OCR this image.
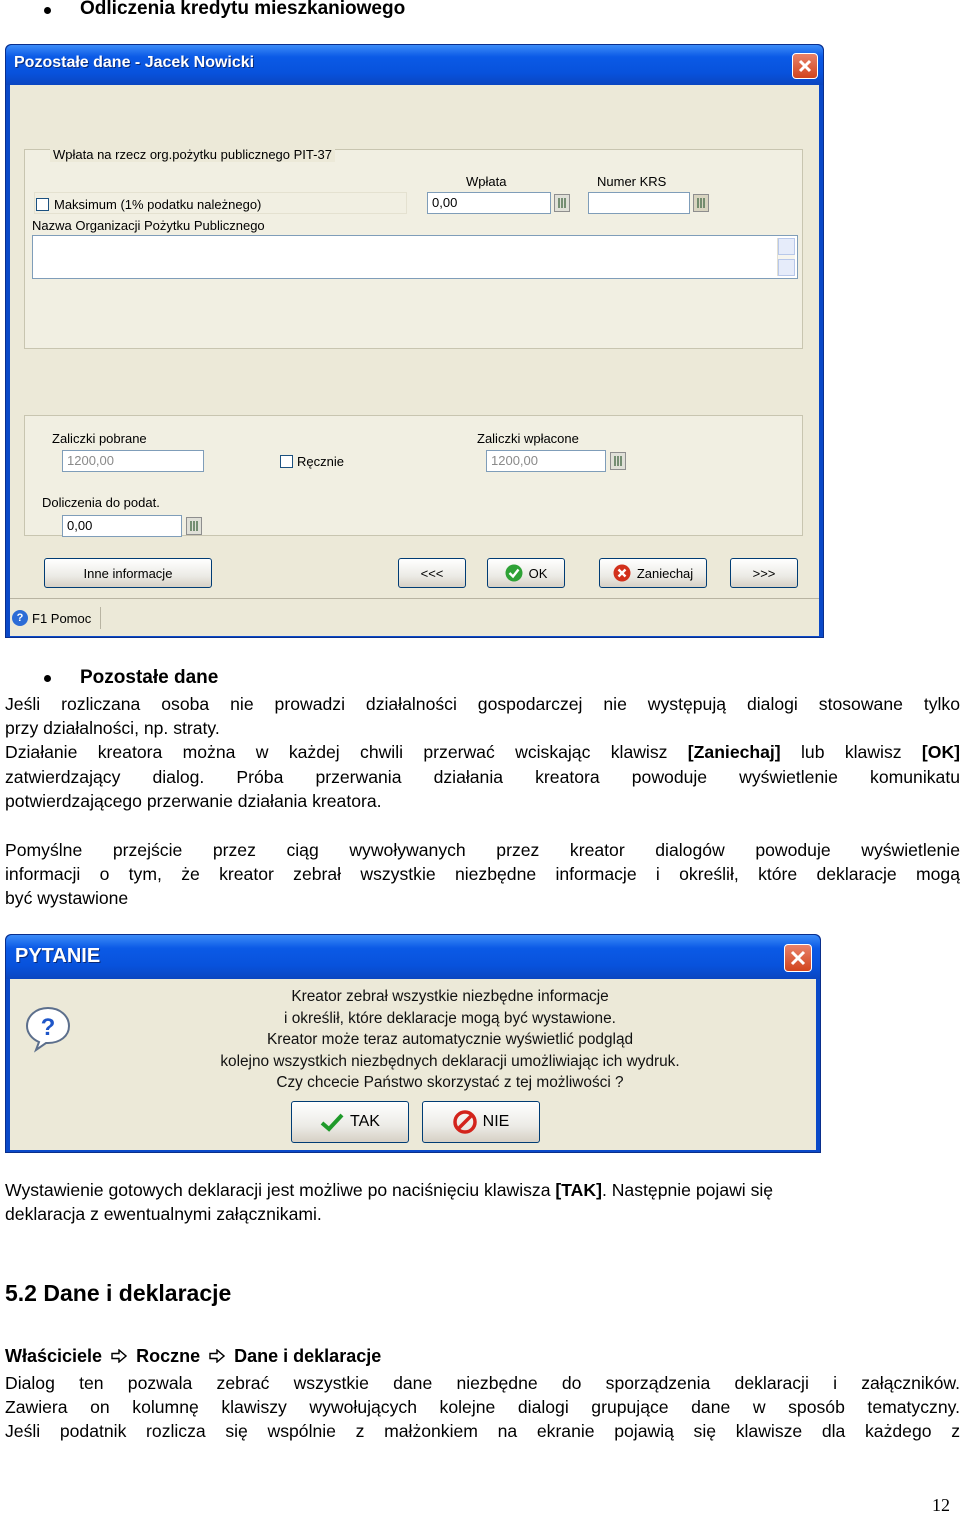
Odliczenia kredytu mieszkaniowego
Pozostałe dane - Jacek Nowicki
Wpłata na rzecz org.pożytku publicznego PIT-37
Maksimum (1% podatku należnego)
Wpłata
0,00
Numer KRS
Nazwa Organizacji Pożytku Publicznego
Zaliczki pobrane
1200,00	Ręcznie
Zaliczki wpłacone
1200,00
Doliczenia do podat.
0,00
Inne informacje	<<<	OK	Zaniechaj	>>>
? F1 Pomoc
Pozostałe dane

Jeśli rozliczana osoba nie prowadzi działalności gospodarczej nie występują dialogi stosowane tylko

przy działalności, np. straty.

Działanie kreatora można w każdej chwili przerwać wciskając klawisz [Zaniechaj] lub klawisz [OK]

zatwierdzający dialog. Próba przerwania działania kreatora powoduje wyświetlenie komunikatu

potwierdzającego przerwanie działania kreatora.

Pomyślne przejście przez ciąg wywoływanych przez kreator dialogów powoduje wyświetlenie

informacji o tym, że kreator zebrał wszystkie niezbędne informacje i określił, które deklaracje mogą

być wystawione

PYTANIE
?
Kreator zebrał wszystkie niezbędne informacje
i określił, które deklaracje mogą być wystawione.
Kreator może teraz automatycznie wyświetlić podgląd
kolejno wszystkich niezbędnych deklaracji umożliwiając ich wydruk.
Czy chcecie Państwo skorzystać z tej możliwości ?
TAK	NIE

Wystawienie gotowych deklaracji jest możliwe po naciśnięciu klawisza [TAK]. Następnie pojawi się

deklaracja z ewentualnymi załącznikami.

5.2 Dane i deklaracje
Właściciele Roczne Dane i deklaracje

Dialog ten pozwala zebrać wszystkie dane niezbędne do sporządzenia deklaracji i załączników.

Zawiera on kolumnę klawiszy wywołujących kolejne dialogi grupujące dane w sposób tematyczny.

Jeśli podatnik rozlicza się wspólnie z małżonkiem na ekranie pojawią się klawisze dla każdego z

12
